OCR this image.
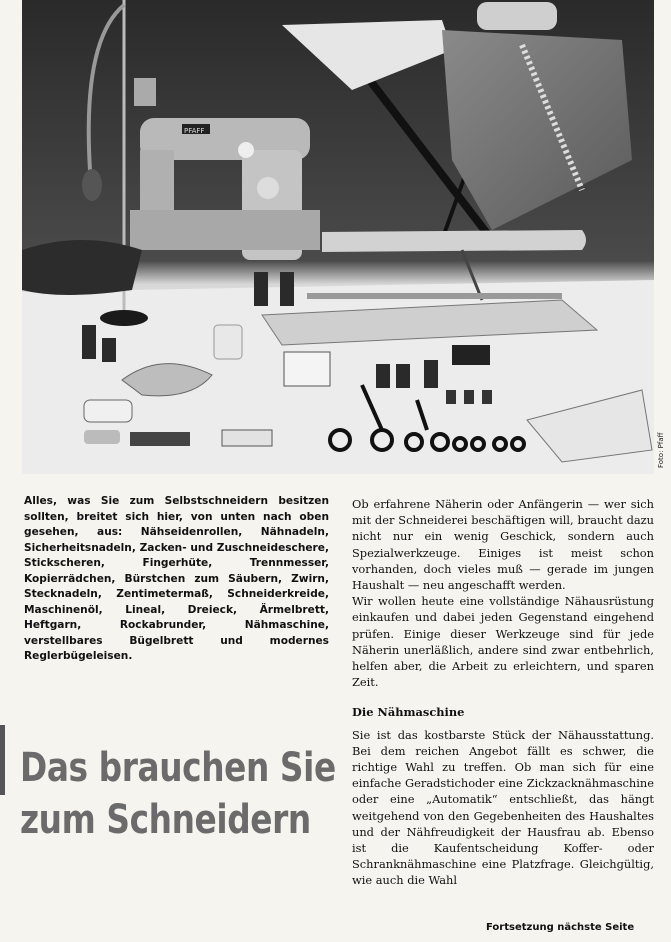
PFAFF
Foto: Pfaff

Alles, was Sie zum Selbstschneidern besitzen sollten, breitet sich hier, von unten nach oben gesehen, aus: Nähseidenrollen, Nähnadeln, Sicherheitsnadeln, Zacken- und Zuschneideschere, Stickscheren, Fingerhüte, Trennmesser, Kopierrädchen, Bürstchen zum Säubern, Zwirn, Stecknadeln, Zentimetermaß, Schneiderkreide, Maschinenöl, Lineal, Dreieck, Ärmelbrett, Heftgarn, Rockabrunder, Nähmaschine, verstellbares Bügelbrett und modernes Reglerbügeleisen.

Das brauchen Sie
zum Schneidern

Ob erfahrene Näherin oder Anfängerin — wer sich mit der Schneiderei beschäftigen will, braucht dazu nicht nur ein wenig Geschick, sondern auch Spezialwerkzeuge. Einiges ist meist schon vorhanden, doch vieles muß — gerade im jungen Haushalt — neu angeschafft werden.

Wir wollen heute eine vollständige Nähausrüstung einkaufen und dabei jeden Gegenstand eingehend prüfen. Einige dieser Werkzeuge sind für jede Näherin unerläßlich, andere sind zwar entbehrlich, helfen aber, die Arbeit zu erleichtern, und sparen Zeit.

Die Nähmaschine

Sie ist das kostbarste Stück der Nähausstattung. Bei dem reichen Angebot fällt es schwer, die richtige Wahl zu treffen. Ob man sich für eine einfache Geradstichoder eine Zickzacknähmaschine oder eine „Automatik“ entschließt, das hängt weitgehend von den Gegebenheiten des Haushaltes und der Nähfreudigkeit der Hausfrau ab. Ebenso ist die Kaufentscheidung Koffer- oder Schranknähmaschine eine Platzfrage. Gleichgültig, wie auch die Wahl

Fortsetzung nächste Seite
